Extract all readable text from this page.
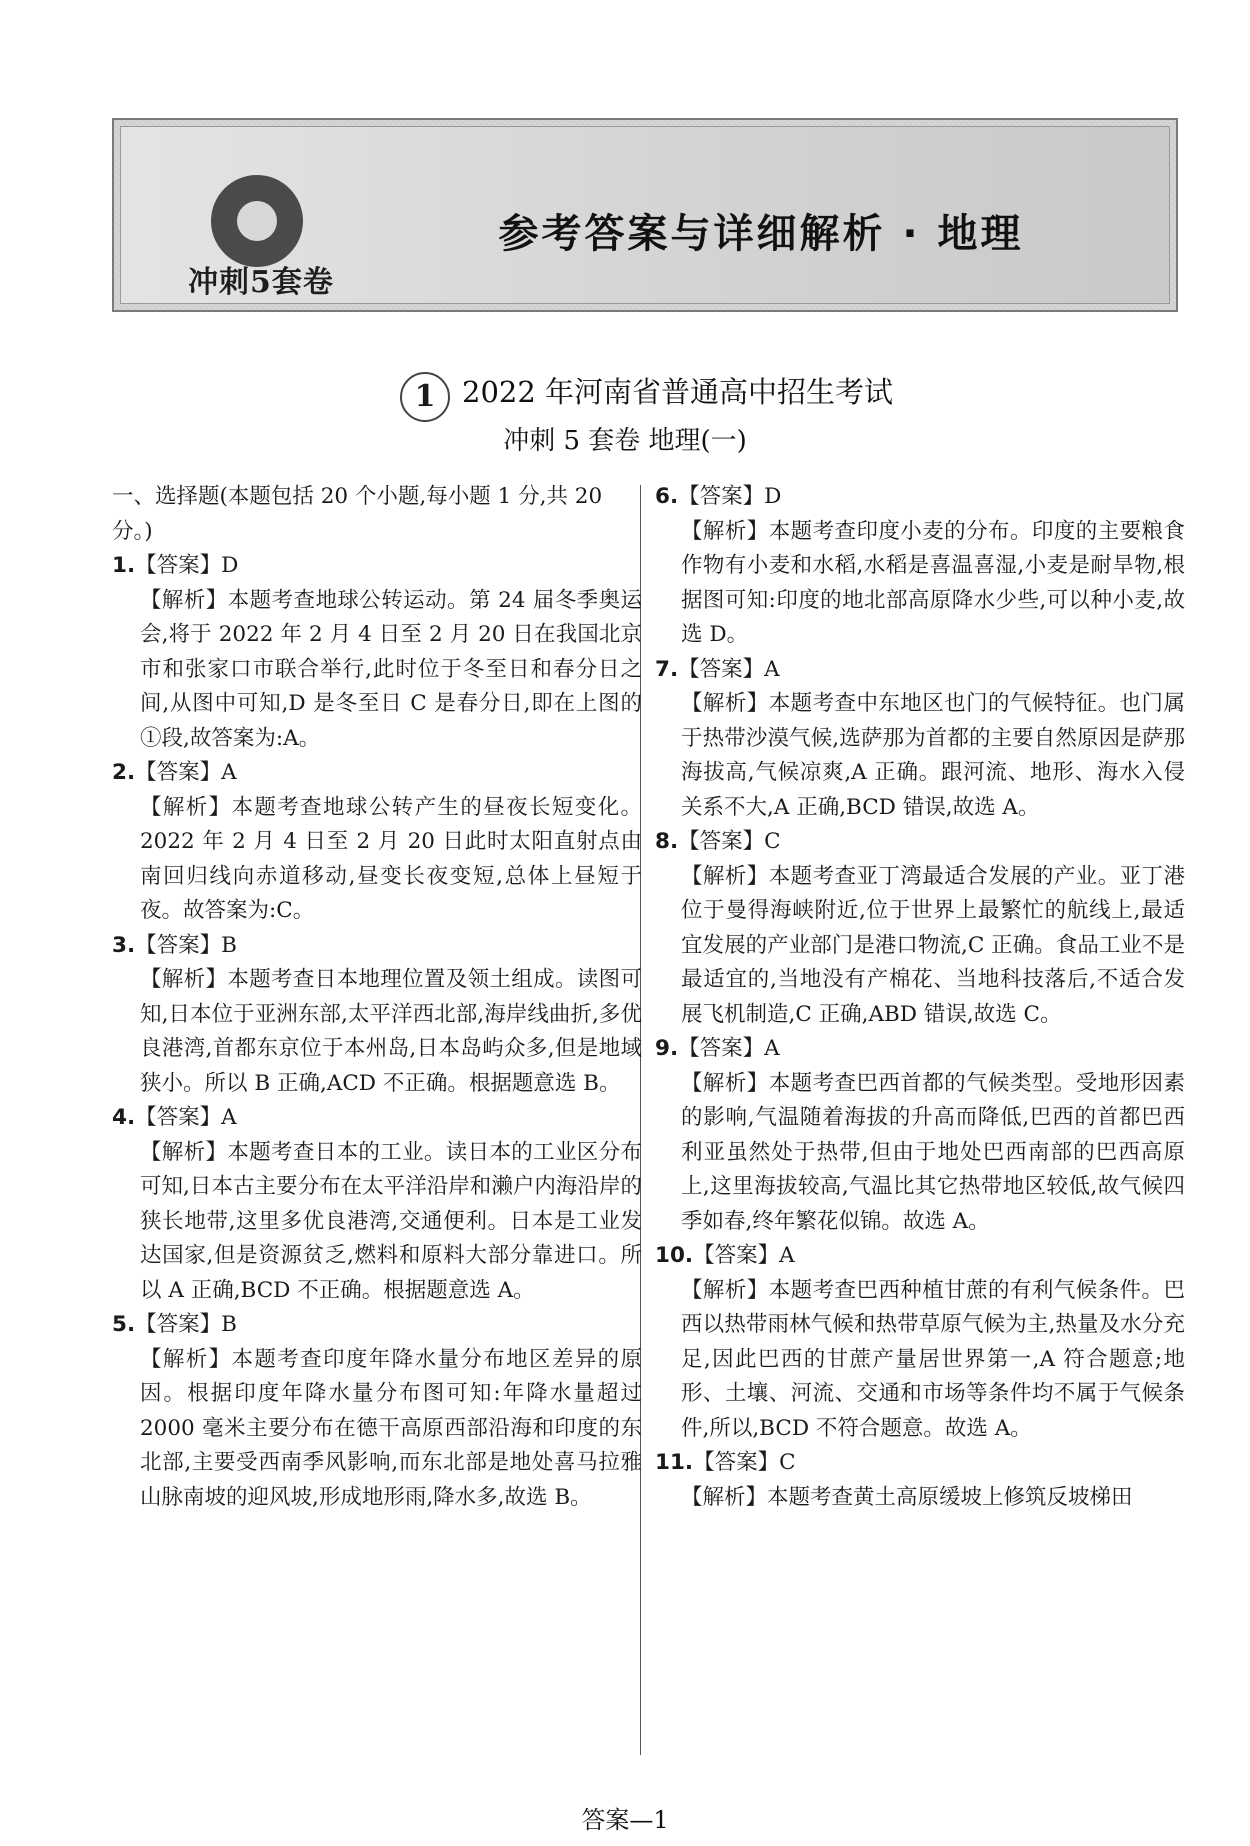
冲刺5套卷
参考答案与详细解析 · 地理
1 2022 年河南省普通高中招生考试
冲刺 5 套卷 地理(一)

一、选择题(本题包括 20 个小题,每小题 1 分,共 20 分。)

1.【答案】D

【解析】本题考查地球公转运动。第 24 届冬季奥运会,将于 2022 年 2 月 4 日至 2 月 20 日在我国北京市和张家口市联合举行,此时位于冬至日和春分日之间,从图中可知,D 是冬至日 C 是春分日,即在上图的①段,故答案为:A。

2.【答案】A

【解析】本题考查地球公转产生的昼夜长短变化。2022 年 2 月 4 日至 2 月 20 日此时太阳直射点由南回归线向赤道移动,昼变长夜变短,总体上昼短于夜。故答案为:C。

3.【答案】B

【解析】本题考查日本地理位置及领土组成。读图可知,日本位于亚洲东部,太平洋西北部,海岸线曲折,多优良港湾,首都东京位于本州岛,日本岛屿众多,但是地域狭小。所以 B 正确,ACD 不正确。根据题意选 B。

4.【答案】A

【解析】本题考查日本的工业。读日本的工业区分布可知,日本古主要分布在太平洋沿岸和濑户内海沿岸的狭长地带,这里多优良港湾,交通便利。日本是工业发达国家,但是资源贫乏,燃料和原料大部分靠进口。所以 A 正确,BCD 不正确。根据题意选 A。

5.【答案】B

【解析】本题考查印度年降水量分布地区差异的原因。根据印度年降水量分布图可知:年降水量超过 2000 毫米主要分布在德干高原西部沿海和印度的东北部,主要受西南季风影响,而东北部是地处喜马拉雅山脉南坡的迎风坡,形成地形雨,降水多,故选 B。

6.【答案】D

【解析】本题考查印度小麦的分布。印度的主要粮食作物有小麦和水稻,水稻是喜温喜湿,小麦是耐旱物,根据图可知:印度的地北部高原降水少些,可以种小麦,故选 D。

7.【答案】A

【解析】本题考查中东地区也门的气候特征。也门属于热带沙漠气候,选萨那为首都的主要自然原因是萨那海拔高,气候凉爽,A 正确。跟河流、地形、海水入侵关系不大,A 正确,BCD 错误,故选 A。

8.【答案】C

【解析】本题考查亚丁湾最适合发展的产业。亚丁港位于曼得海峡附近,位于世界上最繁忙的航线上,最适宜发展的产业部门是港口物流,C 正确。食品工业不是最适宜的,当地没有产棉花、当地科技落后,不适合发展飞机制造,C 正确,ABD 错误,故选 C。

9.【答案】A

【解析】本题考查巴西首都的气候类型。受地形因素的影响,气温随着海拔的升高而降低,巴西的首都巴西利亚虽然处于热带,但由于地处巴西南部的巴西高原上,这里海拔较高,气温比其它热带地区较低,故气候四季如春,终年繁花似锦。故选 A。

10.【答案】A

【解析】本题考查巴西种植甘蔗的有利气候条件。巴西以热带雨林气候和热带草原气候为主,热量及水分充足,因此巴西的甘蔗产量居世界第一,A 符合题意;地形、土壤、河流、交通和市场等条件均不属于气候条件,所以,BCD 不符合题意。故选 A。

11.【答案】C

【解析】本题考查黄土高原缓坡上修筑反坡梯田

答案—1
